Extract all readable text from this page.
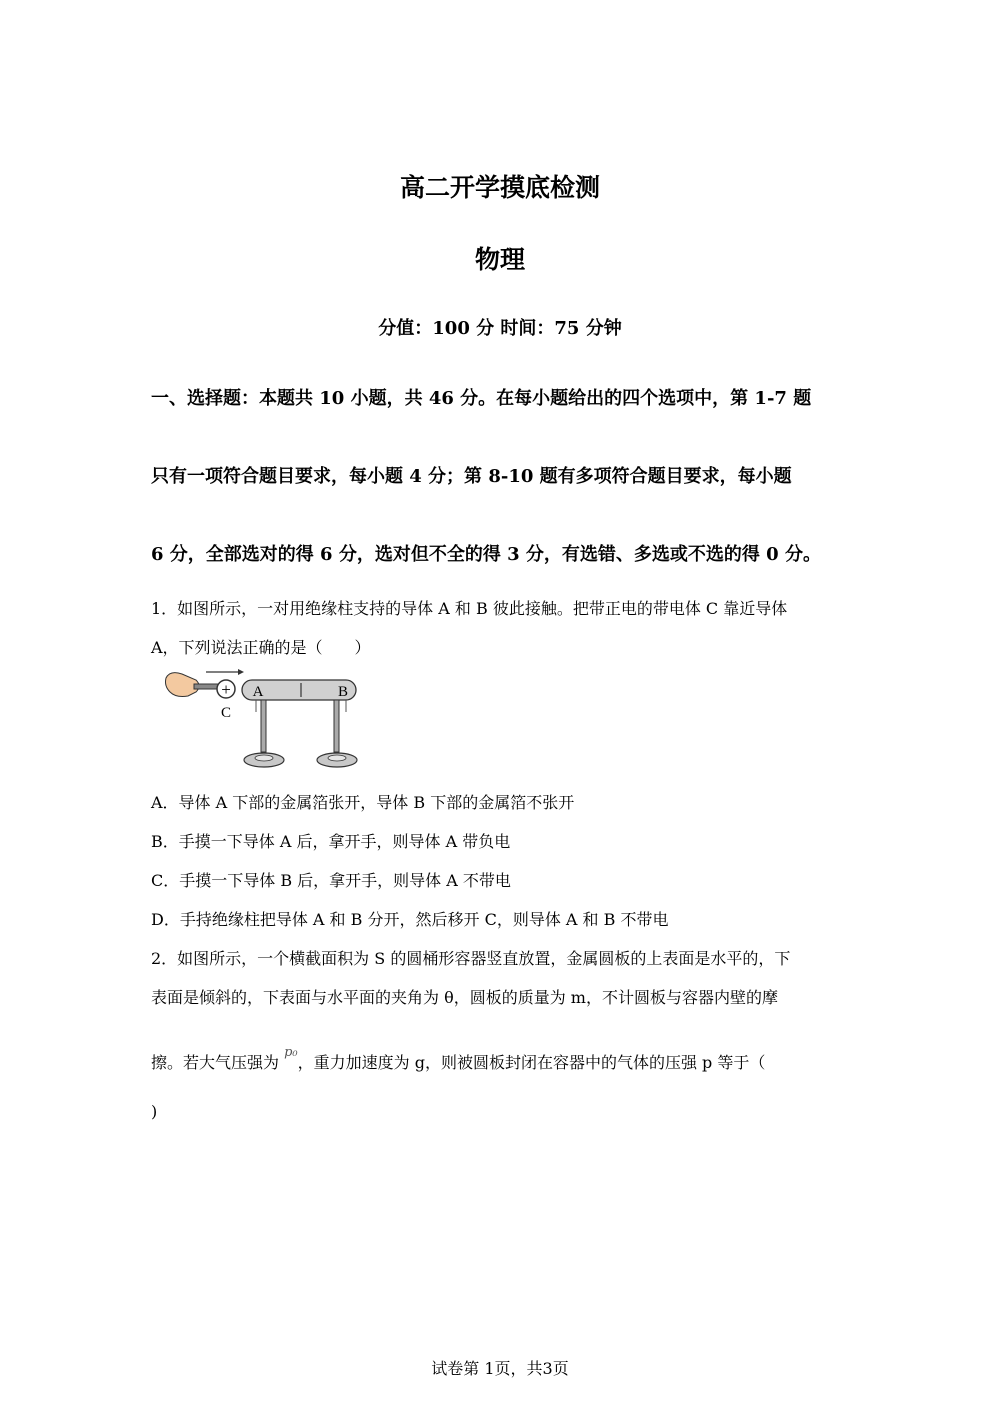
高二开学摸底检测
物理
分值：100 分 时间：75 分钟
一、选择题：本题共 10 小题，共 46 分。在每小题给出的四个选项中，第 1-7 题
只有一项符合题目要求，每小题 4 分；第 8-10 题有多项符合题目要求，每小题
6 分，全部选对的得 6 分，选对但不全的得 3 分，有选错、多选或不选的得 0 分。
1．如图所示，一对用绝缘柱支持的导体 A 和 B 彼此接触。把带正电的带电体 C 靠近导体
A，下列说法正确的是（　　）
+
C
A	B
A．导体 A 下部的金属箔张开，导体 B 下部的金属箔不张开
B．手摸一下导体 A 后，拿开手，则导体 A 带负电
C．手摸一下导体 B 后，拿开手，则导体 A 不带电
D．手持绝缘柱把导体 A 和 B 分开，然后移开 C，则导体 A 和 B 不带电
2．如图所示，一个横截面积为 S 的圆桶形容器竖直放置，金属圆板的上表面是水平的，下
表面是倾斜的，下表面与水平面的夹角为 θ，圆板的质量为 m，不计圆板与容器内壁的摩
擦。若大气压强为 $^{p_0}$，重力加速度为 g，则被圆板封闭在容器中的气体的压强 p 等于（
)
试卷第 1页，共3页
